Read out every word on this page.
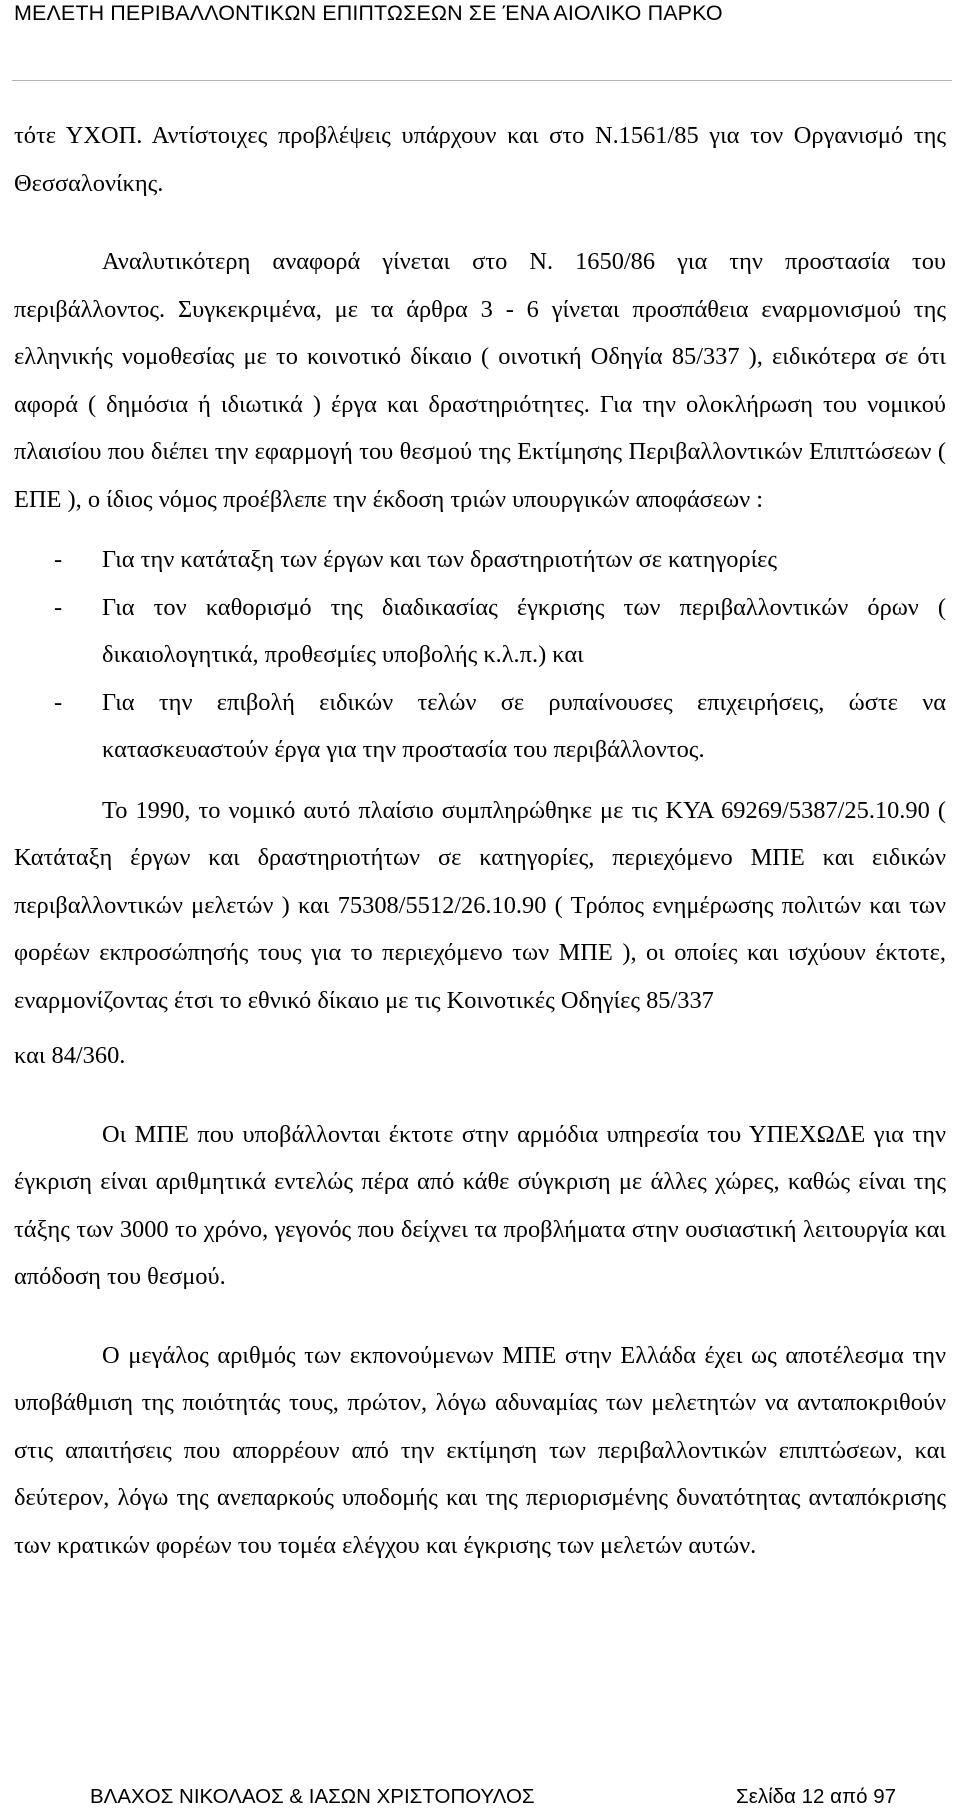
ΜΕΛΕΤΗ ΠΕΡΙΒΑΛΛΟΝΤΙΚΩΝ ΕΠΙΠΤΩΣΕΩΝ ΣΕ ΈΝΑ ΑΙΟΛΙΚΟ ΠΑΡΚΟ

τότε ΥΧΟΠ. Αντίστοιχες προβλέψεις υπάρχουν και στο Ν.1561/85 για τον Οργανισμό της Θεσσαλονίκης.

Αναλυτικότερη αναφορά γίνεται στο Ν. 1650/86 για την προστασία του περιβάλλοντος. Συγκεκριμένα, με τα άρθρα 3 - 6 γίνεται προσπάθεια εναρμονισμού της ελληνικής νομοθεσίας με το κοινοτικό δίκαιο ( οινοτική Οδηγία 85/337 ), ειδικότερα σε ότι αφορά ( δημόσια ή ιδιωτικά ) έργα και δραστηριότητες. Για την ολοκλήρωση του νομικού πλαισίου που διέπει την εφαρμογή του θεσμού της Εκτίμησης Περιβαλλοντικών Επιπτώσεων ( ΕΠΕ ), ο ίδιος νόμος προέβλεπε την έκδοση τριών υπουργικών αποφάσεων :

- Για την κατάταξη των έργων και των δραστηριοτήτων σε κατηγορίες
- Για τον καθορισμό της διαδικασίας έγκρισης των περιβαλλοντικών όρων ( δικαιολογητικά, προθεσμίες υποβολής κ.λ.π.) και
- Για την επιβολή ειδικών τελών σε ρυπαίνουσες επιχειρήσεις, ώστε να κατασκευαστούν έργα για την προστασία του περιβάλλοντος.

Το 1990, το νομικό αυτό πλαίσιο συμπληρώθηκε με τις ΚΥΑ 69269/5387/25.10.90 ( Κατάταξη έργων και δραστηριοτήτων σε κατηγορίες, περιεχόμενο ΜΠΕ και ειδικών περιβαλλοντικών μελετών ) και 75308/5512/26.10.90 ( Τρόπος ενημέρωσης πολιτών και των φορέων εκπροσώπησής τους για το περιεχόμενο των ΜΠΕ ), οι οποίες και ισχύουν έκτοτε, εναρμονίζοντας έτσι το εθνικό δίκαιο με τις Κοινοτικές Οδηγίες 85/337

και 84/360.

Οι ΜΠΕ που υποβάλλονται έκτοτε στην αρμόδια υπηρεσία του ΥΠΕΧΩΔΕ για την έγκριση είναι αριθμητικά εντελώς πέρα από κάθε σύγκριση με άλλες χώρες, καθώς είναι της τάξης των 3000 το χρόνο, γεγονός που δείχνει τα προβλήματα στην ουσιαστική λειτουργία και απόδοση του θεσμού.

Ο μεγάλος αριθμός των εκπονούμενων ΜΠΕ στην Ελλάδα έχει ως αποτέλεσμα την υποβάθμιση της ποιότητάς τους, πρώτον, λόγω αδυναμίας των μελετητών να ανταποκριθούν στις απαιτήσεις που απορρέουν από την εκτίμηση των περιβαλλοντικών επιπτώσεων, και δεύτερον, λόγω της ανεπαρκούς υποδομής και της περιορισμένης δυνατότητας ανταπόκρισης των κρατικών φορέων του τομέα ελέγχου και έγκρισης των μελετών αυτών.

ΒΛΑΧΟΣ ΝΙΚΟΛΑΟΣ & ΙΑΣΩΝ ΧΡΙΣΤΟΠΟΥΛΟΣ	Σελίδα 12 από 97
